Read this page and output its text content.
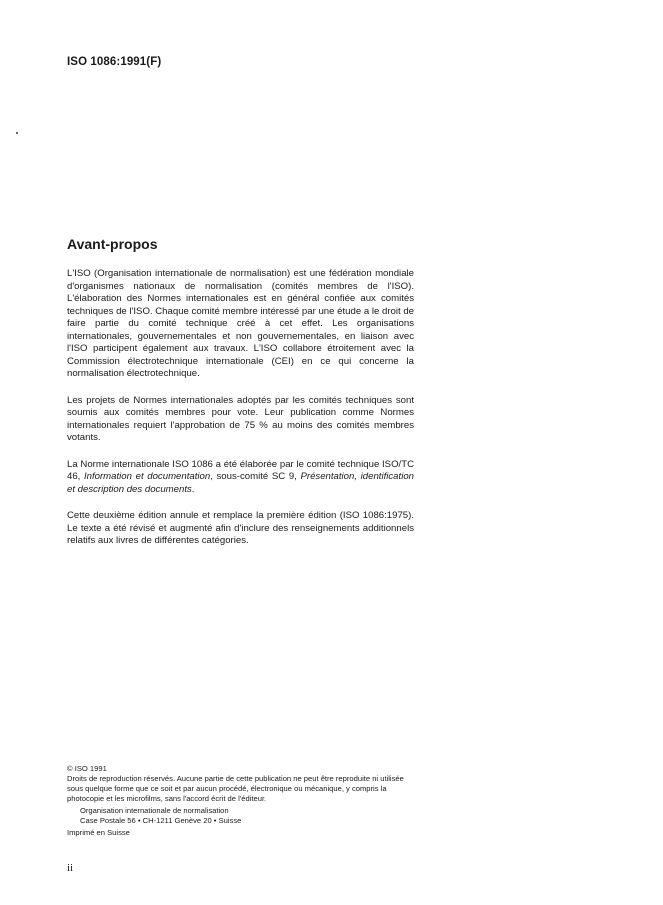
ISO 1086:1991(F)
Avant-propos

L'ISO (Organisation internationale de normalisation) est une fédération mondiale d'organismes nationaux de normalisation (comités membres de l'ISO). L'élaboration des Normes internationales est en général confiée aux comités techniques de l'ISO. Chaque comité membre intéressé par une étude a le droit de faire partie du comité technique créé à cet effet. Les organisations internationales, gouvernementales et non gouvernementales, en liaison avec l'ISO participent également aux travaux. L'ISO collabore étroitement avec la Commission électrotechnique internationale (CEI) en ce qui concerne la normalisation électrotechnique.

Les projets de Normes internationales adoptés par les comités techniques sont soumis aux comités membres pour vote. Leur publication comme Normes internationales requiert l'approbation de 75 % au moins des comités membres votants.

La Norme internationale ISO 1086 a été élaborée par le comité technique ISO/TC 46, Information et documentation, sous-comité SC 9, Présentation, identification et description des documents.

Cette deuxième édition annule et remplace la première édition (ISO 1086:1975). Le texte a été révisé et augmenté afin d'inclure des renseignements additionnels relatifs aux livres de différentes catégories.

© ISO 1991
Droits de reproduction réservés. Aucune partie de cette publication ne peut être reproduite ni utilisée sous quelque forme que ce soit et par aucun procédé, électronique ou mécanique, y compris la photocopie et les microfilms, sans l'accord écrit de l'éditeur.
Organisation internationale de normalisation
Case Postale 56 • CH-1211 Genève 20 • Suisse
Imprimé en Suisse
ii
